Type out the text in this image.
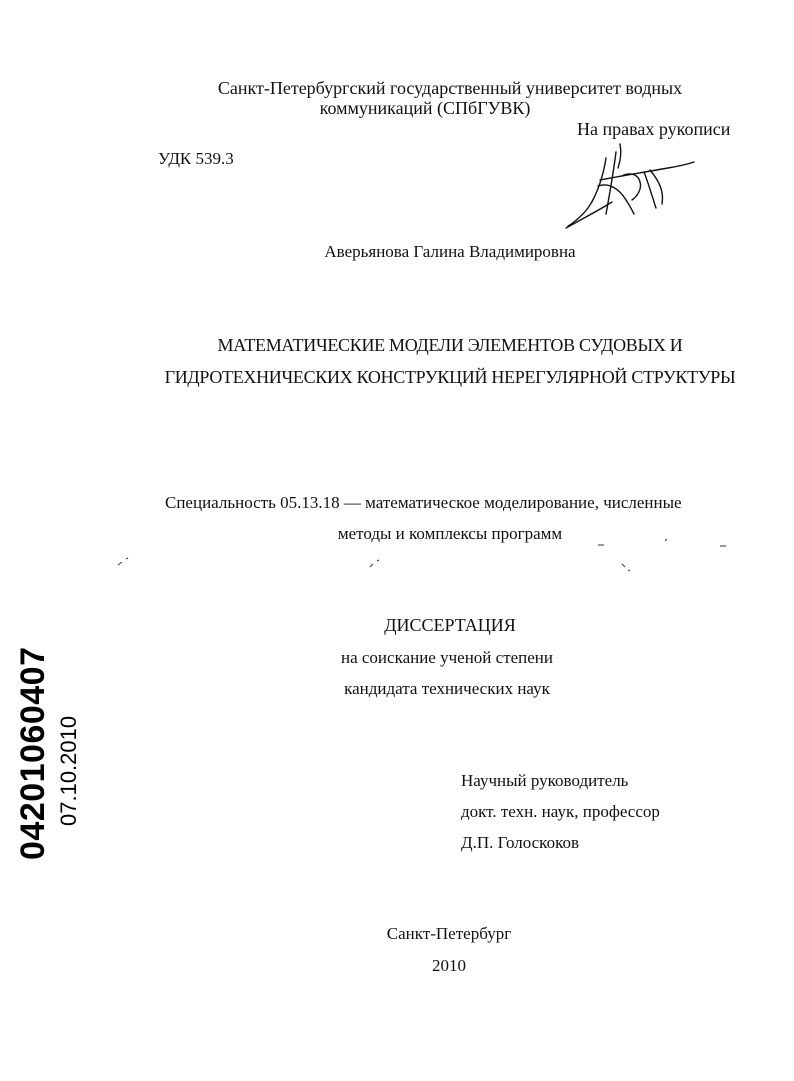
Санкт-Петербургский государственный университет водных
коммуникаций (СПбГУВК)
На правах рукописи
УДК 539.3
Аверьянова Галина Владимировна
МАТЕМАТИЧЕСКИЕ МОДЕЛИ ЭЛЕМЕНТОВ СУДОВЫХ И
ГИДРОТЕХНИЧЕСКИХ КОНСТРУКЦИЙ НЕРЕГУЛЯРНОЙ СТРУКТУРЫ
Специальность 05.13.18 — математическое моделирование, численные
методы и комплексы программ
ДИССЕРТАЦИЯ
на соискание ученой степени
кандидата технических наук
Научный руководитель
докт. техн. наук, профессор
Д.П. Голоскоков
Санкт-Петербург
2010
04201060407 07.10.2010
